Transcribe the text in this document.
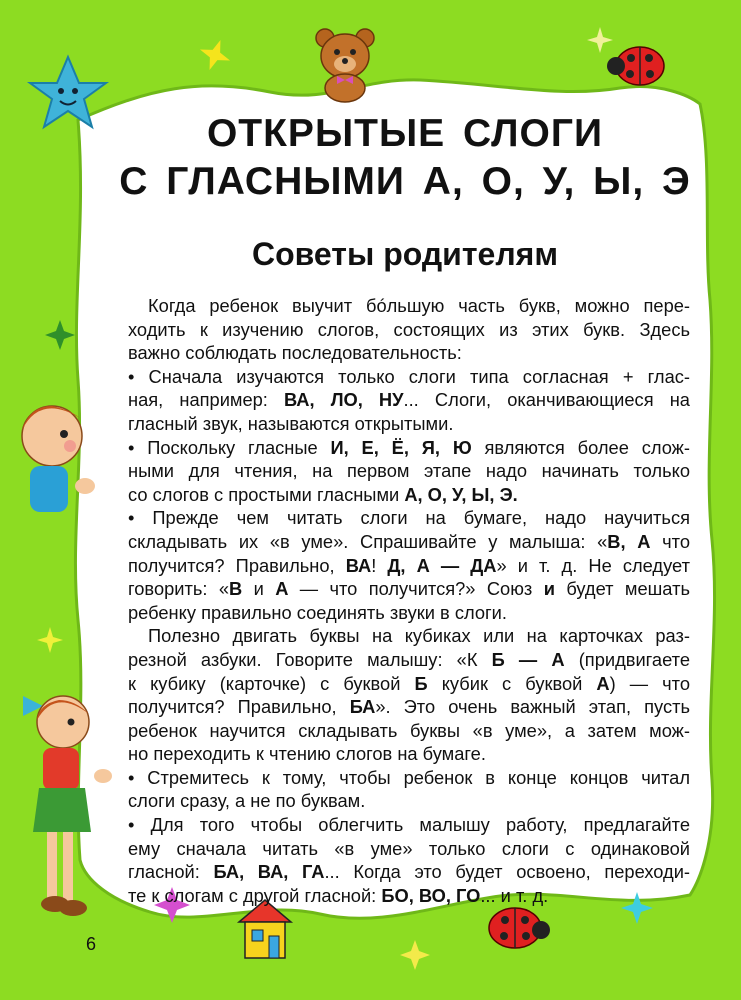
ОТКРЫТЫЕ СЛОГИ
С ГЛАСНЫМИ А, О, У, Ы, Э
Советы родителям
Когда ребенок выучит бóльшую часть букв, можно пере-
ходить к изучению слогов, состоящих из этих букв. Здесь
важно соблюдать последовательность:
• Сначала изучаются только слоги типа согласная + глас-
ная, например: ВА, ЛО, НУ... Слоги, оканчивающиеся на
гласный звук, называются открытыми.
• Поскольку гласные И, Е, Ё, Я, Ю являются более слож-
ными для чтения, на первом этапе надо начинать только
со слогов с простыми гласными А, О, У, Ы, Э.
• Прежде чем читать слоги на бумаге, надо научиться
складывать их «в уме». Спрашивайте у малыша: «В, А что
получится? Правильно, ВА! Д, А — ДА» и т. д. Не следует
говорить: «В и А — что получится?» Союз и будет мешать
ребенку правильно соединять звуки в слоги.
Полезно двигать буквы на кубиках или на карточках раз-
резной азбуки. Говорите малышу: «К Б — А (придвигаете
к кубику (карточке) с буквой Б кубик с буквой А) — что
получится? Правильно, БА». Это очень важный этап, пусть
ребенок научится складывать буквы «в уме», а затем мож-
но переходить к чтению слогов на бумаге.
• Стремитесь к тому, чтобы ребенок в конце концов читал
слоги сразу, а не по буквам.
• Для того чтобы облегчить малышу работу, предлагайте
ему сначала читать «в уме» только слоги с одинаковой
гласной: БА, ВА, ГА... Когда это будет освоено, переходи-
те к слогам с другой гласной: БО, ВО, ГО... и т. д.
6
